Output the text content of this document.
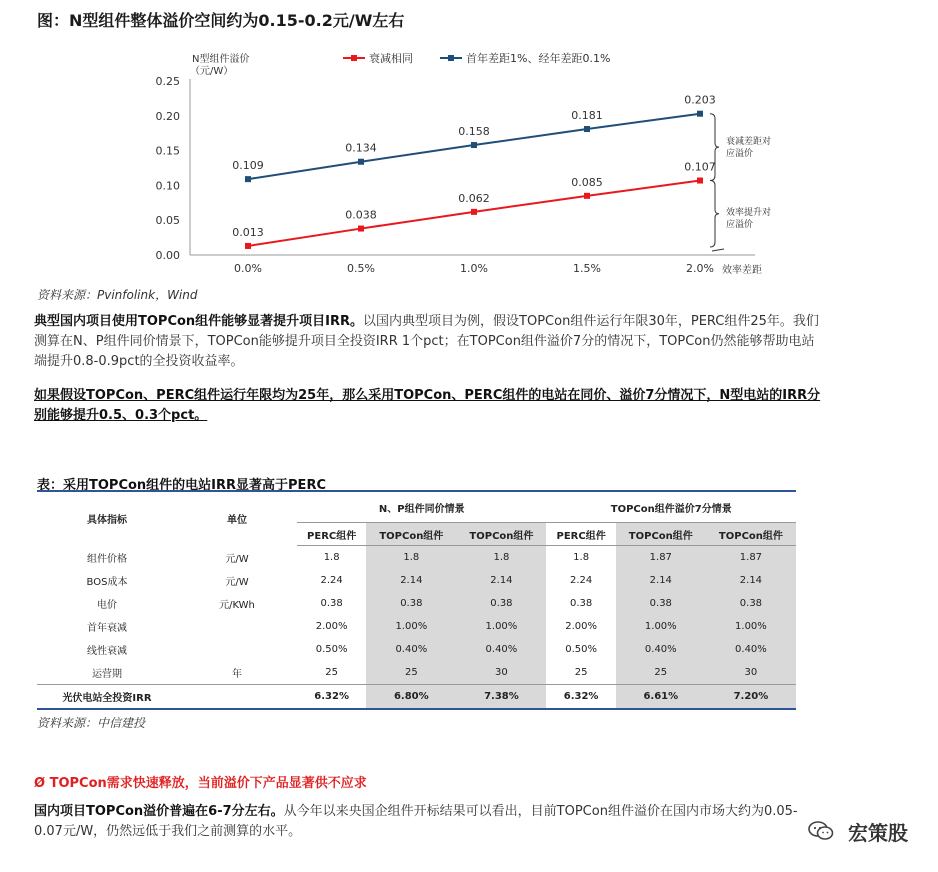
图：N型组件整体溢价空间约为0.15-0.2元/W左右
N型组件溢价
（元/W）
效率差距
衰减相同	首年差距1%、经年差距0.1%
0.25
0.20
0.15
0.10
0.05
0.00
0.0%	0.5%	1.0%	1.5%	2.0%
0.013
0.038
0.062
0.085
0.107
0.109
0.134
0.158
0.181
0.203
衰减差距对
应溢价
效率提升对
应溢价
资料来源：Pvinfolink，Wind
典型国内项目使用TOPCon组件能够显著提升项目IRR。以国内典型项目为例，假设TOPCon组件运行年限30年，PERC组件25年。我们测算在N、P组件同价情景下，TOPCon能够提升项目全投资IRR 1个pct；在TOPCon组件溢价7分的情况下，TOPCon仍然能够帮助电站端提升0.8-0.9pct的全投资收益率。
如果假设TOPCon、PERC组件运行年限均为25年，那么采用TOPCon、PERC组件的电站在同价、溢价7分情况下，N型电站的IRR分别能够提升0.5、0.3个pct。
表：采用TOPCon组件的电站IRR显著高于PERC
具体指标	单位	N、P组件同价情景			TOPCon组件溢价7分情景		
		PERC组件	TOPCon组件	TOPCon组件	PERC组件	TOPCon组件	TOPCon组件
组件价格	元/W	1.8	1.8	1.8	1.8	1.87	1.87
BOS成本	元/W	2.24	2.14	2.14	2.24	2.14	2.14
电价	元/KWh	0.38	0.38	0.38	0.38	0.38	0.38
首年衰减		2.00%	1.00%	1.00%	2.00%	1.00%	1.00%
线性衰减		0.50%	0.40%	0.40%	0.50%	0.40%	0.40%
运营期	年	25	25	30	25	25	30
光伏电站全投资IRR		6.32%	6.80%	7.38%	6.32%	6.61%	7.20%
资料来源：中信建投
Ø TOPCon需求快速释放，当前溢价下产品显著供不应求
国内项目TOPCon溢价普遍在6-7分左右。从今年以来央国企组件开标结果可以看出，目前TOPCon组件溢价在国内市场大约为0.05-0.07元/W，仍然远低于我们之前测算的水平。	宏策股
